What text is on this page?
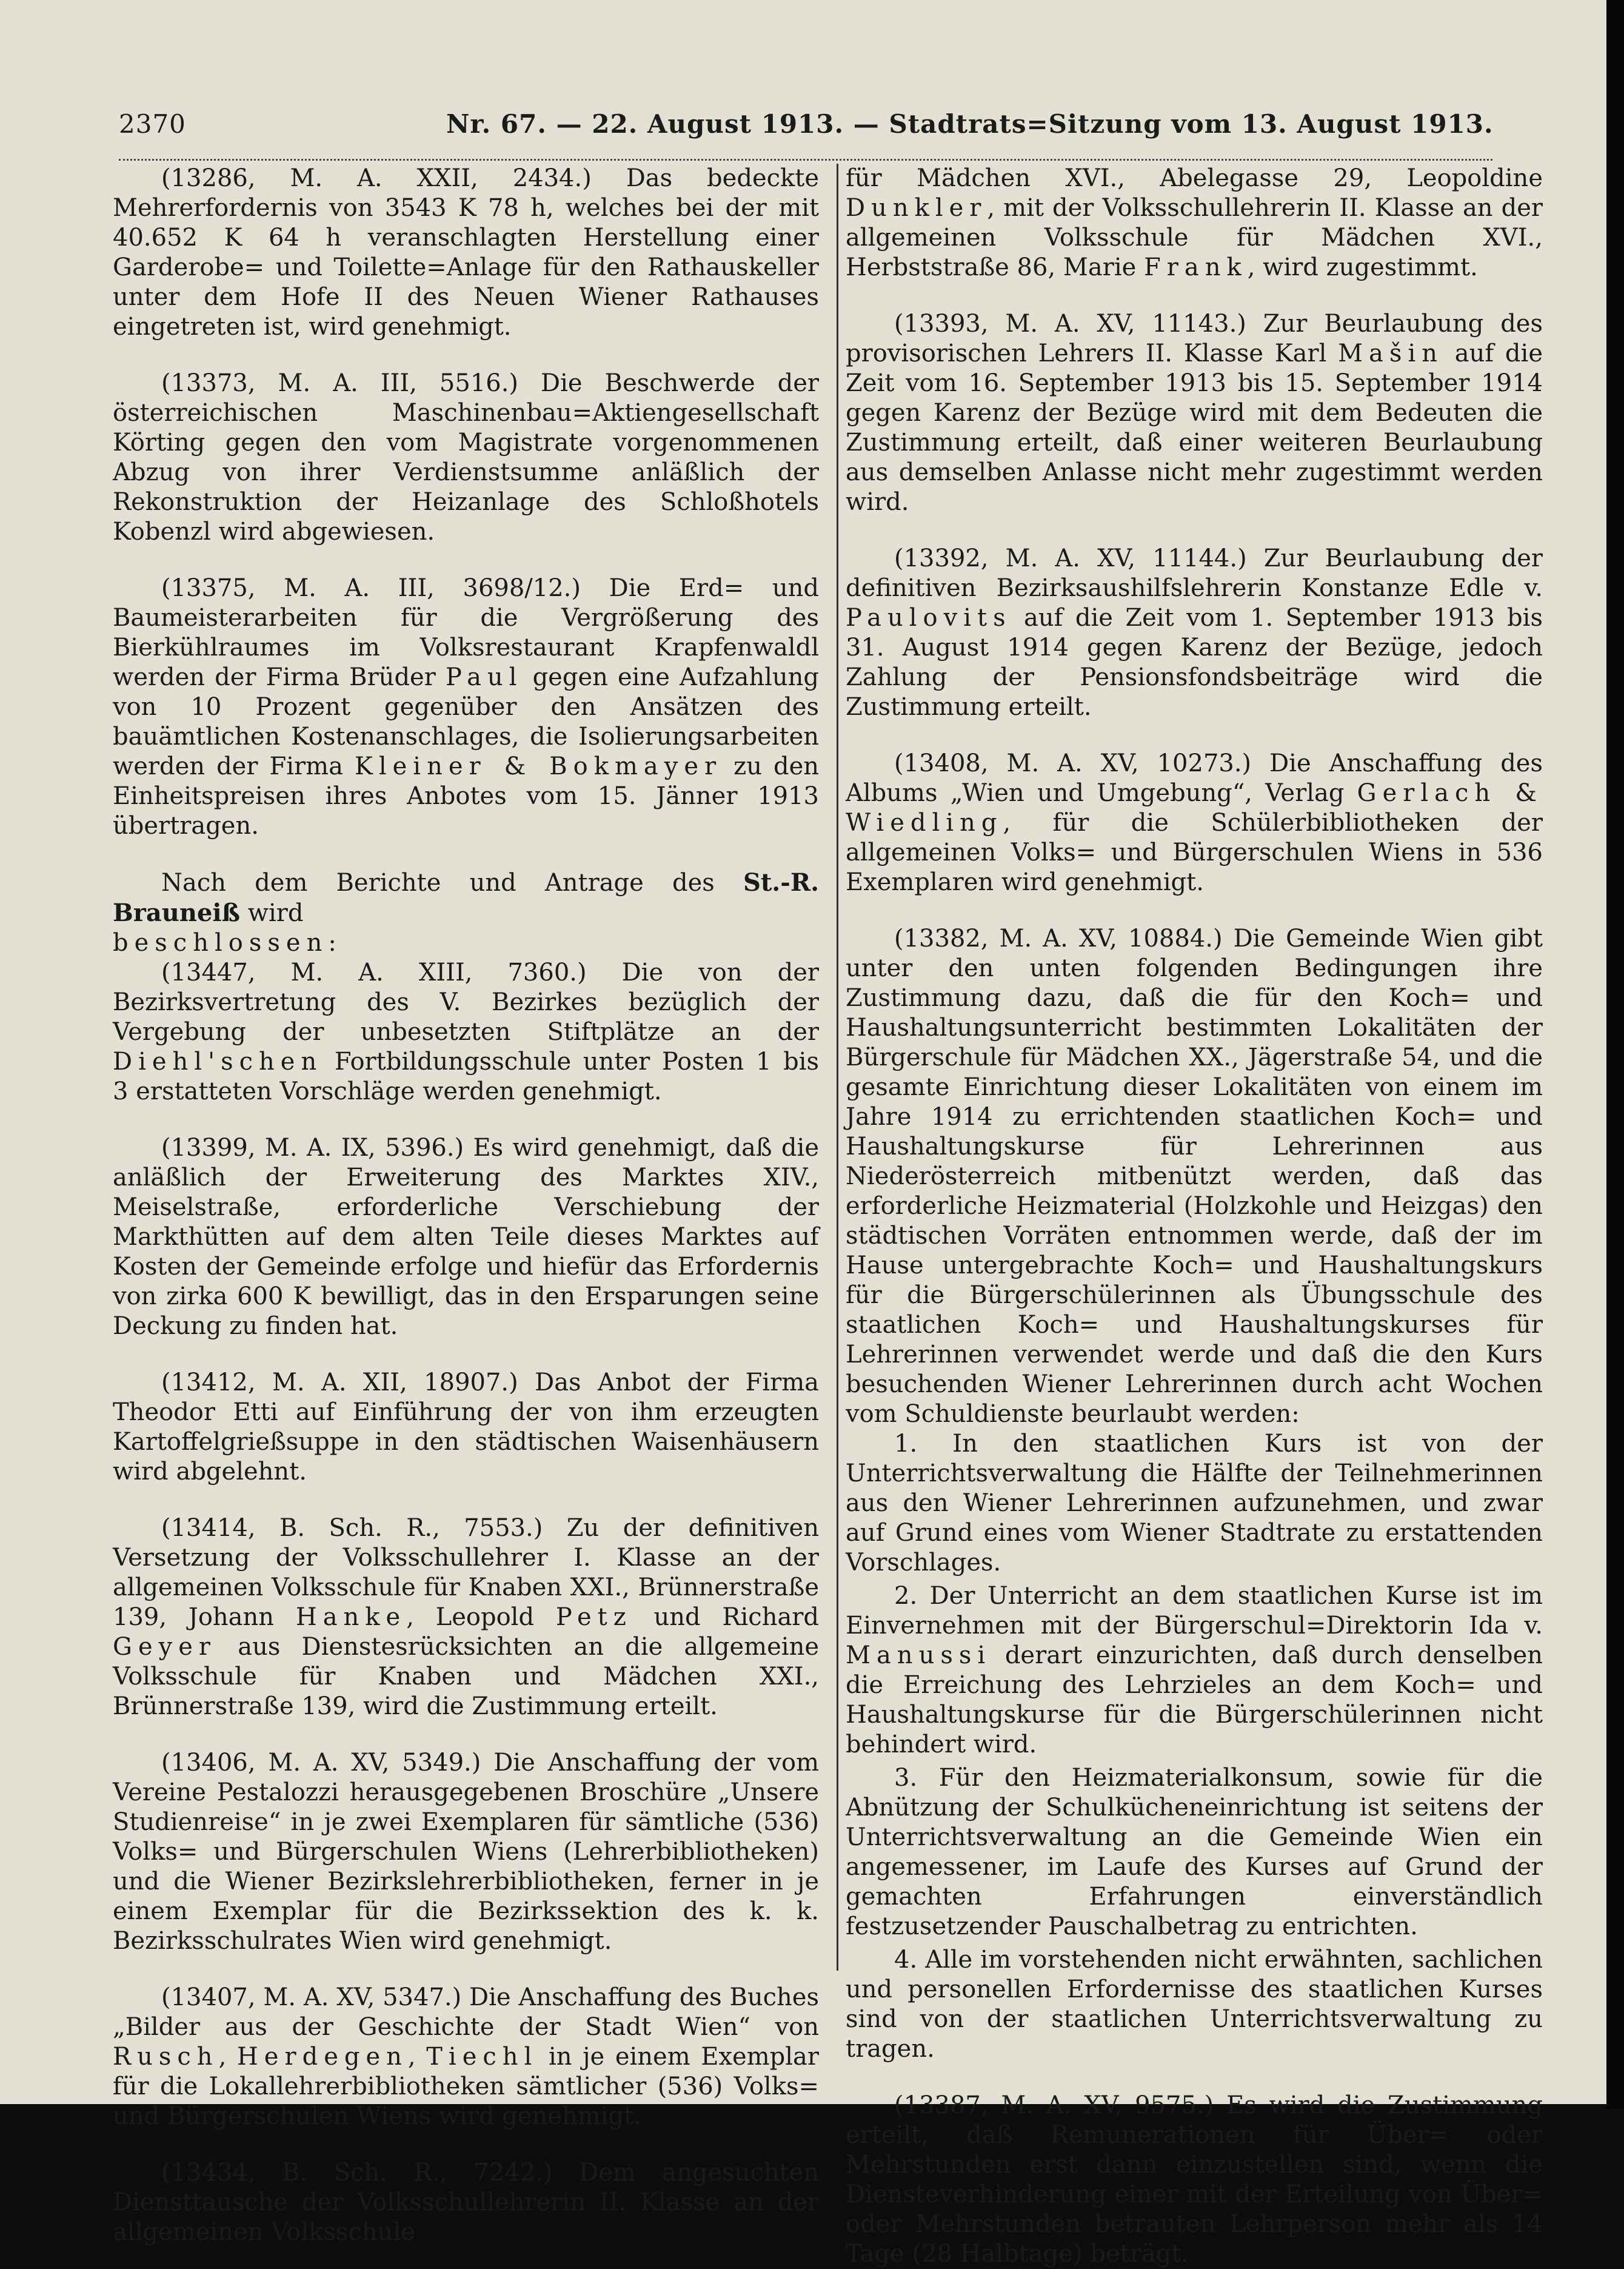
2370	Nr. 67. — 22. August 1913. — Stadtrats=Sitzung vom 13. August 1913.

(13286, M. A. XXII, 2434.) Das bedeckte Mehrerfordernis von 3543 K 78 h, welches bei der mit 40.652 K 64 h veranschlagten Herstellung einer Garderobe= und Toilette=Anlage für den Rathauskeller unter dem Hofe II des Neuen Wiener Rathauses eingetreten ist, wird genehmigt.

(13373, M. A. III, 5516.) Die Beschwerde der österreichischen Maschinenbau=Aktiengesellschaft Körting gegen den vom Magistrate vorgenommenen Abzug von ihrer Verdienstsumme anläßlich der Rekonstruktion der Heizanlage des Schloßhotels Kobenzl wird abgewiesen.

(13375, M. A. III, 3698/12.) Die Erd= und Baumeisterarbeiten für die Vergrößerung des Bierkühlraumes im Volksrestaurant Krapfenwaldl werden der Firma Brüder Paul gegen eine Aufzahlung von 10 Prozent gegenüber den Ansätzen des bauämtlichen Kostenanschlages, die Isolierungsarbeiten werden der Firma Kleiner & Bokmayer zu den Einheitspreisen ihres Anbotes vom 15. Jänner 1913 übertragen.

Nach dem Berichte und Antrage des St.-R. Brauneiß wird
beschlossen:

(13447, M. A. XIII, 7360.) Die von der Bezirksvertretung des V. Bezirkes bezüglich der Vergebung der unbesetzten Stiftplätze an der Diehl'schen Fortbildungsschule unter Posten 1 bis 3 erstatteten Vorschläge werden genehmigt.

(13399, M. A. IX, 5396.) Es wird genehmigt, daß die anläßlich der Erweiterung des Marktes XIV., Meiselstraße, erforderliche Verschiebung der Markthütten auf dem alten Teile dieses Marktes auf Kosten der Gemeinde erfolge und hiefür das Erfordernis von zirka 600 K bewilligt, das in den Ersparungen seine Deckung zu finden hat.

(13412, M. A. XII, 18907.) Das Anbot der Firma Theodor Etti auf Einführung der von ihm erzeugten Kartoffelgrießsuppe in den städtischen Waisenhäusern wird abgelehnt.

(13414, B. Sch. R., 7553.) Zu der definitiven Versetzung der Volksschullehrer I. Klasse an der allgemeinen Volksschule für Knaben XXI., Brünnerstraße 139, Johann Hanke, Leopold Petz und Richard Geyer aus Dienstesrücksichten an die allgemeine Volksschule für Knaben und Mädchen XXI., Brünnerstraße 139, wird die Zustimmung erteilt.

(13406, M. A. XV, 5349.) Die Anschaffung der vom Vereine Pestalozzi herausgegebenen Broschüre „Unsere Studienreise“ in je zwei Exemplaren für sämtliche (536) Volks= und Bürgerschulen Wiens (Lehrerbibliotheken) und die Wiener Bezirkslehrerbibliotheken, ferner in je einem Exemplar für die Bezirkssektion des k. k. Bezirksschulrates Wien wird genehmigt.

(13407, M. A. XV, 5347.) Die Anschaffung des Buches „Bilder aus der Geschichte der Stadt Wien“ von Rusch, Herdegen, Tiechl in je einem Exemplar für die Lokallehrerbibliotheken sämtlicher (536) Volks= und Bürgerschulen Wiens wird genehmigt.

(13434, B. Sch. R., 7242.) Dem angesuchten Diensttausche der Volksschullehrerin II. Klasse an der allgemeinen Volksschule

für Mädchen XVI., Abelegasse 29, Leopoldine Dunkler, mit der Volksschullehrerin II. Klasse an der allgemeinen Volksschule für Mädchen XVI., Herbststraße 86, Marie Frank, wird zugestimmt.

(13393, M. A. XV, 11143.) Zur Beurlaubung des provisorischen Lehrers II. Klasse Karl Mašin auf die Zeit vom 16. September 1913 bis 15. September 1914 gegen Karenz der Bezüge wird mit dem Bedeuten die Zustimmung erteilt, daß einer weiteren Beurlaubung aus demselben Anlasse nicht mehr zugestimmt werden wird.

(13392, M. A. XV, 11144.) Zur Beurlaubung der definitiven Bezirksaushilfslehrerin Konstanze Edle v. Paulovits auf die Zeit vom 1. September 1913 bis 31. August 1914 gegen Karenz der Bezüge, jedoch Zahlung der Pensionsfondsbeiträge wird die Zustimmung erteilt.

(13408, M. A. XV, 10273.) Die Anschaffung des Albums „Wien und Umgebung“, Verlag Gerlach & Wiedling, für die Schülerbibliotheken der allgemeinen Volks= und Bürgerschulen Wiens in 536 Exemplaren wird genehmigt.

(13382, M. A. XV, 10884.) Die Gemeinde Wien gibt unter den unten folgenden Bedingungen ihre Zustimmung dazu, daß die für den Koch= und Haushaltungsunterricht bestimmten Lokalitäten der Bürgerschule für Mädchen XX., Jägerstraße 54, und die gesamte Einrichtung dieser Lokalitäten von einem im Jahre 1914 zu errichtenden staatlichen Koch= und Haushaltungskurse für Lehrerinnen aus Niederösterreich mitbenützt werden, daß das erforderliche Heizmaterial (Holzkohle und Heizgas) den städtischen Vorräten entnommen werde, daß der im Hause untergebrachte Koch= und Haushaltungskurs für die Bürgerschülerinnen als Übungsschule des staatlichen Koch= und Haushaltungskurses für Lehrerinnen verwendet werde und daß die den Kurs besuchenden Wiener Lehrerinnen durch acht Wochen vom Schuldienste beurlaubt werden:

1. In den staatlichen Kurs ist von der Unterrichtsverwaltung die Hälfte der Teilnehmerinnen aus den Wiener Lehrerinnen aufzunehmen, und zwar auf Grund eines vom Wiener Stadtrate zu erstattenden Vorschlages.

2. Der Unterricht an dem staatlichen Kurse ist im Einvernehmen mit der Bürgerschul=Direktorin Ida v. Manussi derart einzurichten, daß durch denselben die Erreichung des Lehrzieles an dem Koch= und Haushaltungskurse für die Bürgerschülerinnen nicht behindert wird.

3. Für den Heizmaterialkonsum, sowie für die Abnützung der Schulkücheneinrichtung ist seitens der Unterrichtsverwaltung an die Gemeinde Wien ein angemessener, im Laufe des Kurses auf Grund der gemachten Erfahrungen einverständlich festzusetzender Pauschalbetrag zu entrichten.

4. Alle im vorstehenden nicht erwähnten, sachlichen und personellen Erfordernisse des staatlichen Kurses sind von der staatlichen Unterrichtsverwaltung zu tragen.

(13387, M. A. XV, 9575.) Es wird die Zustimmung erteilt, daß Remunerationen für Über= oder Mehrstunden erst dann einzustellen sind, wenn die Diensteverhinderung einer mit der Erteilung von Über= oder Mehrstunden betrauten Lehrperson mehr als 14 Tage (28 Halbtage) beträgt.
